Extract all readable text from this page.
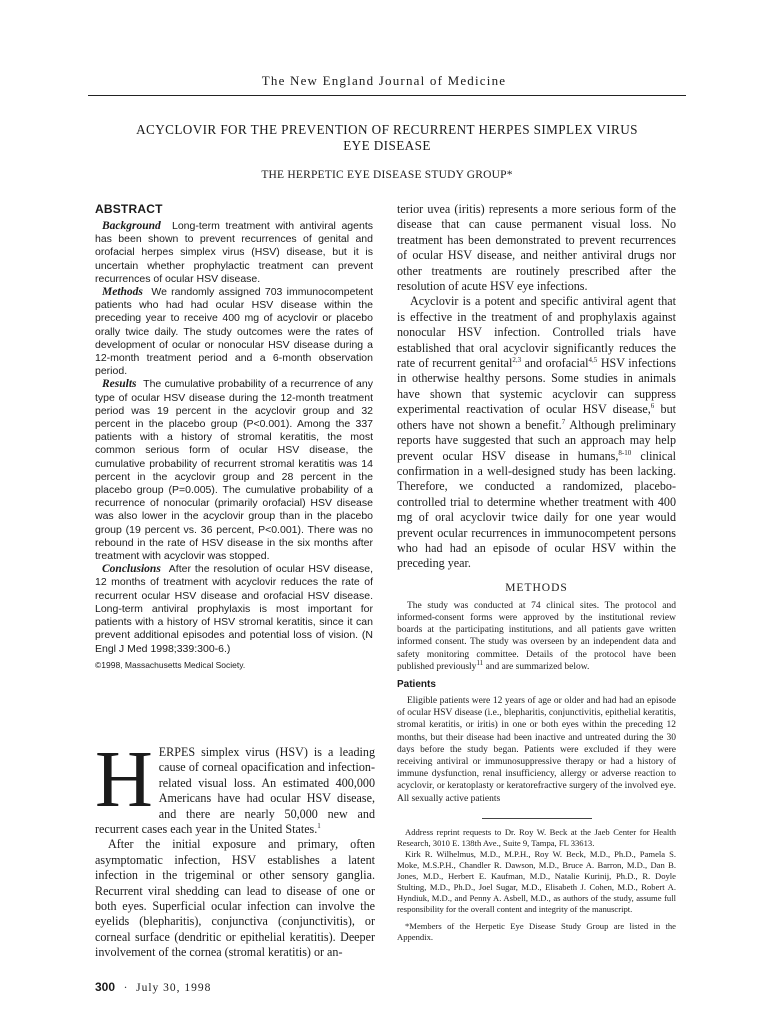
The New England Journal of Medicine
ACYCLOVIR FOR THE PREVENTION OF RECURRENT HERPES SIMPLEX VIRUS
EYE DISEASE
THE HERPETIC EYE DISEASE STUDY GROUP*
ABSTRACT

Background Long-term treatment with antiviral agents has been shown to prevent recurrences of genital and orofacial herpes simplex virus (HSV) disease, but it is uncertain whether prophylactic treatment can prevent recurrences of ocular HSV disease.

Methods We randomly assigned 703 immunocompetent patients who had had ocular HSV disease within the preceding year to receive 400 mg of acyclovir or placebo orally twice daily. The study outcomes were the rates of development of ocular or nonocular HSV disease during a 12-month treatment period and a 6-month observation period.

Results The cumulative probability of a recurrence of any type of ocular HSV disease during the 12-month treatment period was 19 percent in the acyclovir group and 32 percent in the placebo group (P<0.001). Among the 337 patients with a history of stromal keratitis, the most common serious form of ocular HSV disease, the cumulative probability of recurrent stromal keratitis was 14 percent in the acyclovir group and 28 percent in the placebo group (P=0.005). The cumulative probability of a recurrence of nonocular (primarily orofacial) HSV disease was also lower in the acyclovir group than in the placebo group (19 percent vs. 36 percent, P<0.001). There was no rebound in the rate of HSV disease in the six months after treatment with acyclovir was stopped.

Conclusions After the resolution of ocular HSV disease, 12 months of treatment with acyclovir reduces the rate of recurrent ocular HSV disease and orofacial HSV disease. Long-term antiviral prophylaxis is most important for patients with a history of HSV stromal keratitis, since it can prevent additional episodes and potential loss of vision. (N Engl J Med 1998;339:300-6.)

©1998, Massachusetts Medical Society.
H ERPES simplex virus (HSV) is a leading cause of corneal opacification and infection-related visual loss. An estimated 400,000 Americans have had ocular HSV disease, and there are nearly 50,000 new and recurrent cases each year in the United States.$^1$

After the initial exposure and primary, often asymptomatic infection, HSV establishes a latent infection in the trigeminal or other sensory ganglia. Recurrent viral shedding can lead to disease of one or both eyes. Superficial ocular infection can involve the eyelids (blepharitis), conjunctiva (conjunctivitis), or corneal surface (dendritic or epithelial keratitis). Deeper involvement of the cornea (stromal keratitis) or an-

terior uvea (iritis) represents a more serious form of the disease that can cause permanent visual loss. No treatment has been demonstrated to prevent recurrences of ocular HSV disease, and neither antiviral drugs nor other treatments are routinely prescribed after the resolution of acute HSV eye infections.

Acyclovir is a potent and specific antiviral agent that is effective in the treatment of and prophylaxis against nonocular HSV infection. Controlled trials have established that oral acyclovir significantly reduces the rate of recurrent genital$^{2,3}$ and orofacial$^{4,5}$ HSV infections in otherwise healthy persons. Some studies in animals have shown that systemic acyclovir can suppress experimental reactivation of ocular HSV disease,$^6$ but others have not shown a benefit.$^7$ Although preliminary reports have suggested that such an approach may help prevent ocular HSV disease in humans,$^{8-10}$ clinical confirmation in a well-designed study has been lacking. Therefore, we conducted a randomized, placebo-controlled trial to determine whether treatment with 400 mg of oral acyclovir twice daily for one year would prevent ocular recurrences in immunocompetent persons who had had an episode of ocular HSV within the preceding year.

METHODS

The study was conducted at 74 clinical sites. The protocol and informed-consent forms were approved by the institutional review boards at the participating institutions, and all patients gave written informed consent. The study was overseen by an independent data and safety monitoring committee. Details of the protocol have been published previously$^{11}$ and are summarized below.

Patients

Eligible patients were 12 years of age or older and had had an episode of ocular HSV disease (i.e., blepharitis, conjunctivitis, epithelial keratitis, stromal keratitis, or iritis) in one or both eyes within the preceding 12 months, but their disease had been inactive and untreated during the 30 days before the study began. Patients were excluded if they were receiving antiviral or immunosuppressive therapy or had a history of immune dysfunction, renal insufficiency, allergy or adverse reaction to acyclovir, or keratoplasty or keratorefractive surgery of the involved eye. All sexually active patients

Address reprint requests to Dr. Roy W. Beck at the Jaeb Center for Health Research, 3010 E. 138th Ave., Suite 9, Tampa, FL 33613.

Kirk R. Wilhelmus, M.D., M.P.H., Roy W. Beck, M.D., Ph.D., Pamela S. Moke, M.S.P.H., Chandler R. Dawson, M.D., Bruce A. Barron, M.D., Dan B. Jones, M.D., Herbert E. Kaufman, M.D., Natalie Kurinij, Ph.D., R. Doyle Stulting, M.D., Ph.D., Joel Sugar, M.D., Elisabeth J. Cohen, M.D., Robert A. Hyndiuk, M.D., and Penny A. Asbell, M.D., as authors of the study, assume full responsibility for the overall content and integrity of the manuscript.

*Members of the Herpetic Eye Disease Study Group are listed in the Appendix.

300 · July 30, 1998
